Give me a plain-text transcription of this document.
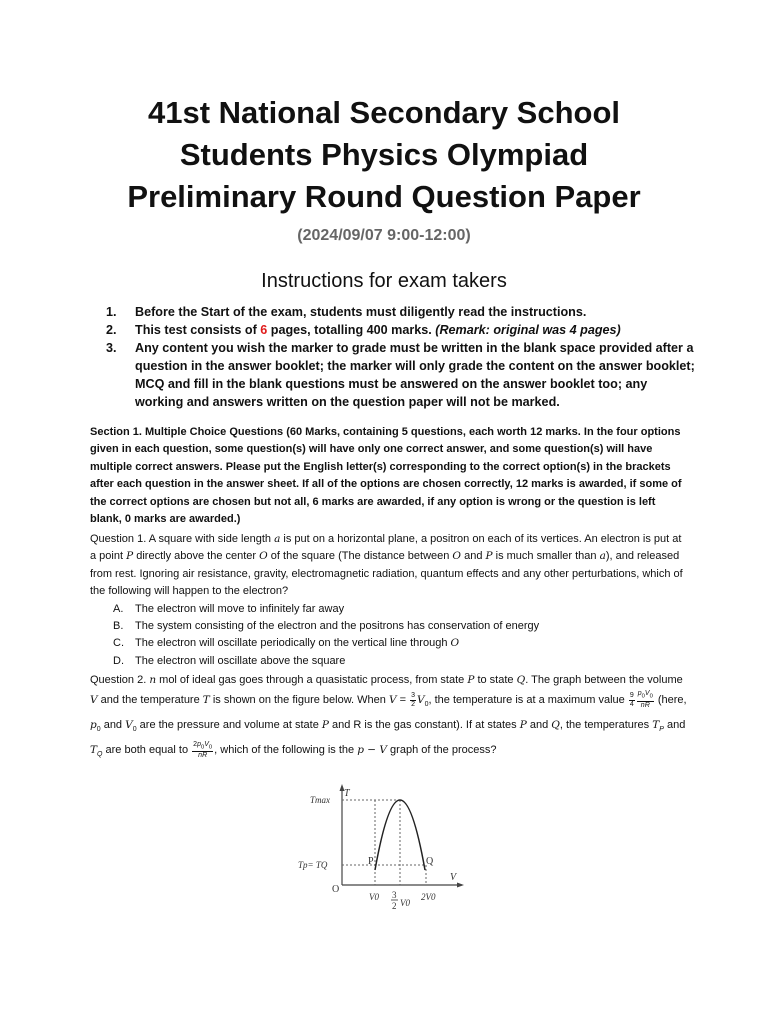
41st National Secondary School
Students Physics Olympiad
Preliminary Round Question Paper
(2024/09/07 9:00-12:00)
Instructions for exam takers
1. Before the Start of the exam, students must diligently read the instructions.
2. This test consists of 6 pages, totalling 400 marks. (Remark: original was 4 pages)
3. Any content you wish the marker to grade must be written in the blank space provided after a question in the answer booklet; the marker will only grade the content on the answer booklet; MCQ and fill in the blank questions must be answered on the answer booklet too; any working and answers written on the question paper will not be marked.
Section 1. Multiple Choice Questions (60 Marks, containing 5 questions, each worth 12 marks. In the four options given in each question, some question(s) will have only one correct answer, and some question(s) will have multiple correct answers. Please put the English letter(s) corresponding to the correct option(s) in the brackets after each question in the answer sheet. If all of the options are chosen correctly, 12 marks is awarded, if some of the correct options are chosen but not all, 6 marks are awarded, if any option is wrong or the question is left blank, 0 marks are awarded.)
Question 1. A square with side length a is put on a horizontal plane, a positron on each of its vertices. An electron is put at a point P directly above the center O of the square (The distance between O and P is much smaller than a), and released from rest. Ignoring air resistance, gravity, electromagnetic radiation, quantum effects and any other perturbations, which of the following will happen to the electron?
A. The electron will move to infinitely far away
B. The system consisting of the electron and the positrons has conservation of energy
C. The electron will oscillate periodically on the vertical line through O
D. The electron will oscillate above the square
Question 2. n mol of ideal gas goes through a quasistatic process, from state P to state Q. The graph between the volume V and the temperature T is shown on the figure below. When $V = \frac{3}{2} V_0$, the temperature is at a maximum value $\frac{9}{4} \frac{p_0V_0}{nR}$ (here, $p_0$ and $V_0$ are the pressure and volume at state P and R is the gas constant). If at states P and Q, the temperatures $T_P$ and $T_Q$ are both equal to $\frac{2p_0V_0}{nR}$ , which of the following is the p − V graph of the process?
T
Tmax
Tp= TQ
O
V
P	Q
V0 3
2 V0
2V0
